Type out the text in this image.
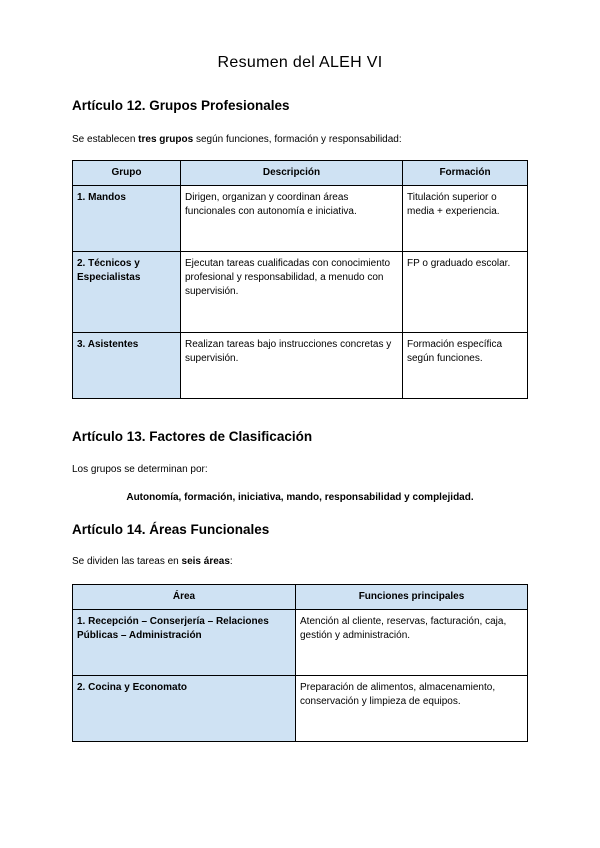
Resumen del ALEH VI
Artículo 12. Grupos Profesionales
Se establecen tres grupos según funciones, formación y responsabilidad:
Grupo	Descripción	Formación
1. Mandos	Dirigen, organizan y coordinan áreas funcionales con autonomía e iniciativa.	Titulación superior o media + experiencia.
2. Técnicos y Especialistas	Ejecutan tareas cualificadas con conocimiento profesional y responsabilidad, a menudo con supervisión.	FP o graduado escolar.
3. Asistentes	Realizan tareas bajo instrucciones concretas y supervisión.	Formación específica según funciones.
Artículo 13. Factores de Clasificación
Los grupos se determinan por:
Autonomía, formación, iniciativa, mando, responsabilidad y complejidad.
Artículo 14. Áreas Funcionales
Se dividen las tareas en seis áreas:
Área	Funciones principales
1. Recepción – Conserjería – Relaciones Públicas – Administración	Atención al cliente, reservas, facturación, caja, gestión y administración.
2. Cocina y Economato	Preparación de alimentos, almacenamiento, conservación y limpieza de equipos.
